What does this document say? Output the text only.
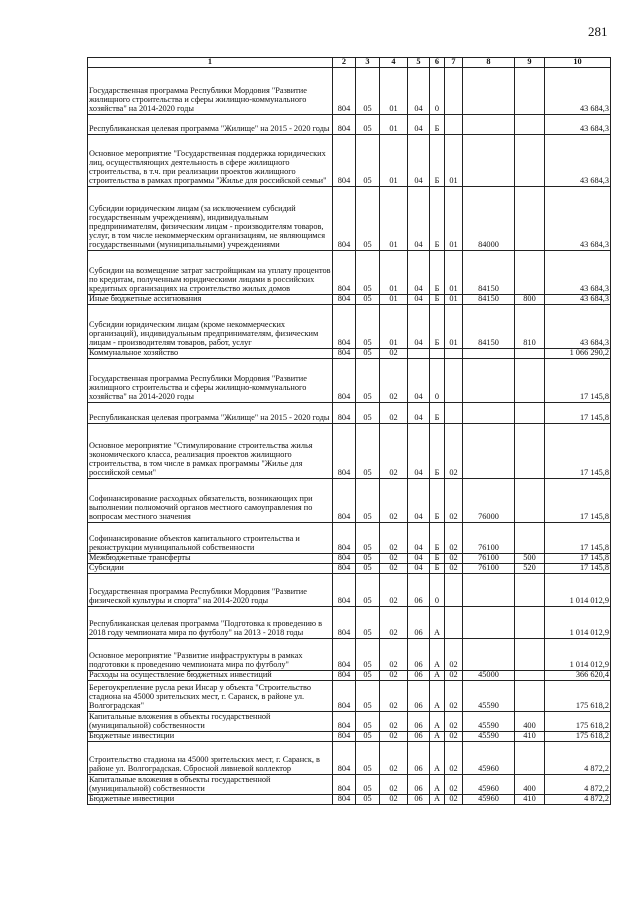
281
1	2	3	4	5	6	7	8	9	10
Государственная программа Республики Мордовия "Развитие жилищного строительства и сферы жилищно-коммунального хозяйства" на 2014-2020 годы	804	05	01	04	0				43 684,3
Республиканская целевая программа "Жилище" на 2015 - 2020 годы	804	05	01	04	Б				43 684,3
Основное мероприятие "Государственная поддержка юридических лиц, осуществляющих деятельность в сфере жилищного строительства, в т.ч. при реализации проектов жилищного строительства в рамках программы "Жилье для российской семьи"	804	05	01	04	Б	01			43 684,3
Субсидии юридическим лицам (за исключением субсидий государственным учреждениям), индивидуальным предпринимателям, физическим лицам - производителям товаров, услуг, в том числе некоммерческим организациям, не являющимся государственными (муниципальными) учреждениями	804	05	01	04	Б	01	84000		43 684,3
Субсидии на возмещение затрат застройщикам на уплату процентов по кредитам, полученным юридическими лицами в российских кредитных организациях на строительство жилых домов	804	05	01	04	Б	01	84150		43 684,3
Иные бюджетные ассигнования	804	05	01	04	Б	01	84150	800	43 684,3
Субсидии юридическим лицам (кроме некоммерческих организаций), индивидуальным предпринимателям, физическим лицам - производителям товаров, работ, услуг	804	05	01	04	Б	01	84150	810	43 684,3
Коммунальное хозяйство	804	05	02						1 066 290,2
Государственная программа Республики Мордовия "Развитие жилищного строительства и сферы жилищно-коммунального хозяйства" на 2014-2020 годы	804	05	02	04	0				17 145,8
Республиканская целевая программа "Жилище" на 2015 - 2020 годы	804	05	02	04	Б				17 145,8
Основное мероприятие "Стимулирование строительства жилья экономического класса, реализация проектов жилищного строительства, в том числе в рамках программы "Жилье для российской семьи"	804	05	02	04	Б	02			17 145,8
Софинансирование расходных обязательств, возникающих при выполнении полномочий органов местного самоуправления по вопросам местного значения	804	05	02	04	Б	02	76000		17 145,8
Софинансирование объектов капитального строительства и реконструкции муниципальной собственности	804	05	02	04	Б	02	76100		17 145,8
Межбюджетные трансферты	804	05	02	04	Б	02	76100	500	17 145,8
Субсидии	804	05	02	04	Б	02	76100	520	17 145,8
Государственная программа Республики Мордовия "Развитие физической культуры и спорта" на 2014-2020 годы	804	05	02	06	0				1 014 012,9
Республиканская целевая программа "Подготовка к проведению в 2018 году чемпионата мира по футболу" на 2013 - 2018 годы	804	05	02	06	А				1 014 012,9
Основное мероприятие "Развитие инфраструктуры в рамках подготовки к проведению чемпионата мира по футболу"	804	05	02	06	А	02			1 014 012,9
Расходы на осуществление бюджетных инвестиций	804	05	02	06	А	02	45000		366 620,4
Берегоукрепление русла реки Инсар у объекта "Строительство стадиона на 45000 зрительских мест, г. Саранск, в районе ул. Волгоградская"	804	05	02	06	А	02	45590		175 618,2
Капитальные вложения в объекты государственной (муниципальной) собственности	804	05	02	06	А	02	45590	400	175 618,2
Бюджетные инвестиции	804	05	02	06	А	02	45590	410	175 618,2
Строительство стадиона на 45000 зрительских мест, г. Саранск, в районе ул. Волгоградская. Сбросной ливневой коллектор	804	05	02	06	А	02	45960		4 872,2
Капитальные вложения в объекты государственной (муниципальной) собственности	804	05	02	06	А	02	45960	400	4 872,2
Бюджетные инвестиции	804	05	02	06	А	02	45960	410	4 872,2
